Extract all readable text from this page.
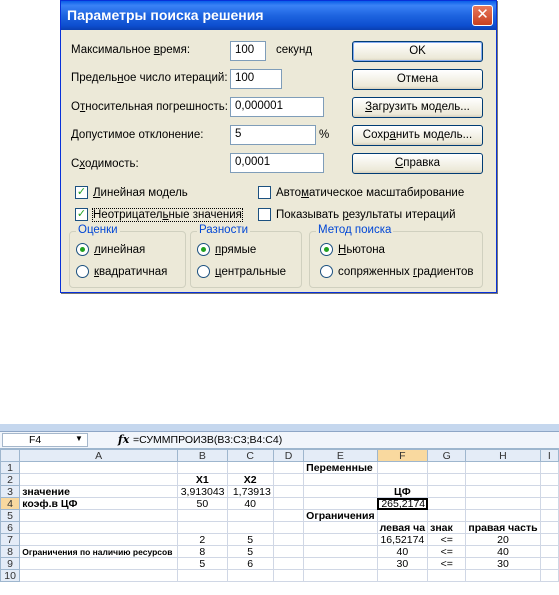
Параметры поиска решения	✕
Максимальное время:	100	секунд
Предельное число итераций: 100
Относительная погрешность: 0,000001
Допустимое отклонение:	5	%
Сходимость:	0,0001
OK
Отмена
Загрузить модель...
Сохранить модель...
Справка
✓ Линейная модель
✓ Неотрицательные значения
Автоматическое масштабирование
Показывать результаты итераций
Оценки
линейная
квадратичная
Разности
прямые
центральные
Метод поиска
Ньютона
сопряженных градиентов
F4	▼	fx =СУММПРОИЗВ(B3:C3;B4:C4)
	A	B	C	D	E	F	G	H	I
1					Переменные				
2		X1	X2						
3	значение	3,913043	1,73913			ЦФ			
4	коэф.в ЦФ	50	40			265,2174			
5					Ограничения				
6						левая ча	знак	правая часть	
7		2	5			16,52174	<=	20	
8	Ограничения по наличию ресурсов	8	5			40	<=	40	
9		5	6			30	<=	30	
10									
